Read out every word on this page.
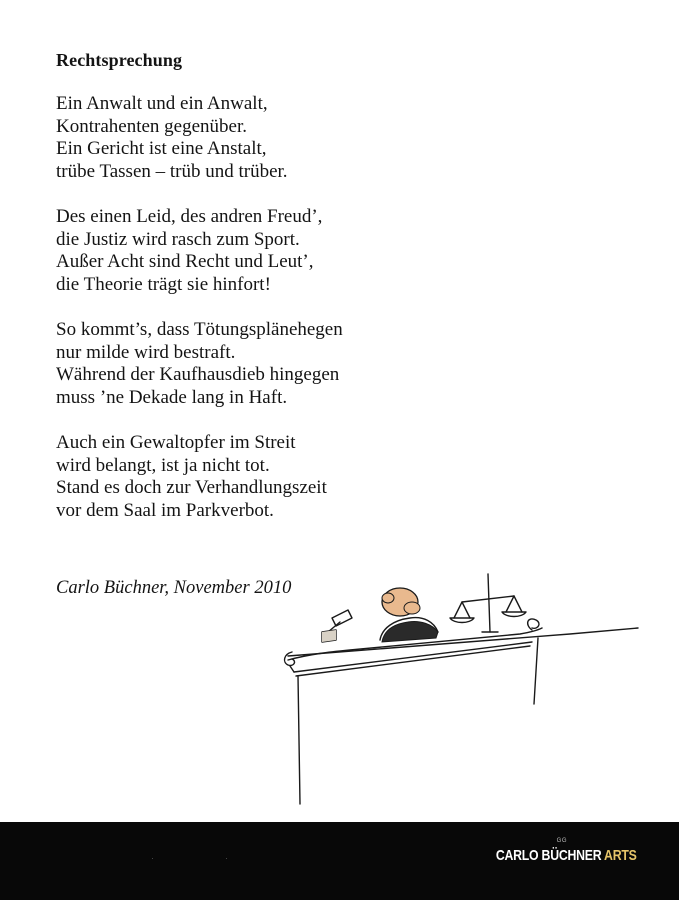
Rechtsprechung
Ein Anwalt und ein Anwalt,
Kontrahenten gegenüber.
Ein Gericht ist eine Anstalt,
trübe Tassen – trüb und trüber.
Des einen Leid, des andren Freud’,
die Justiz wird rasch zum Sport.
Außer Acht sind Recht und Leut’,
die Theorie trägt sie hinfort!
So kommt’s, dass Tötungsplänehegen
nur milde wird bestraft.
Während der Kaufhausdieb hingegen
muss ’ne Dekade lang in Haft.
Auch ein Gewaltopfer im Streit
wird belangt, ist ja nicht tot.
Stand es doch zur Verhandlungszeit
vor dem Saal im Parkverbot.
Carlo Büchner, November 2010
GG
CARLO BÜCHNER ARTS
